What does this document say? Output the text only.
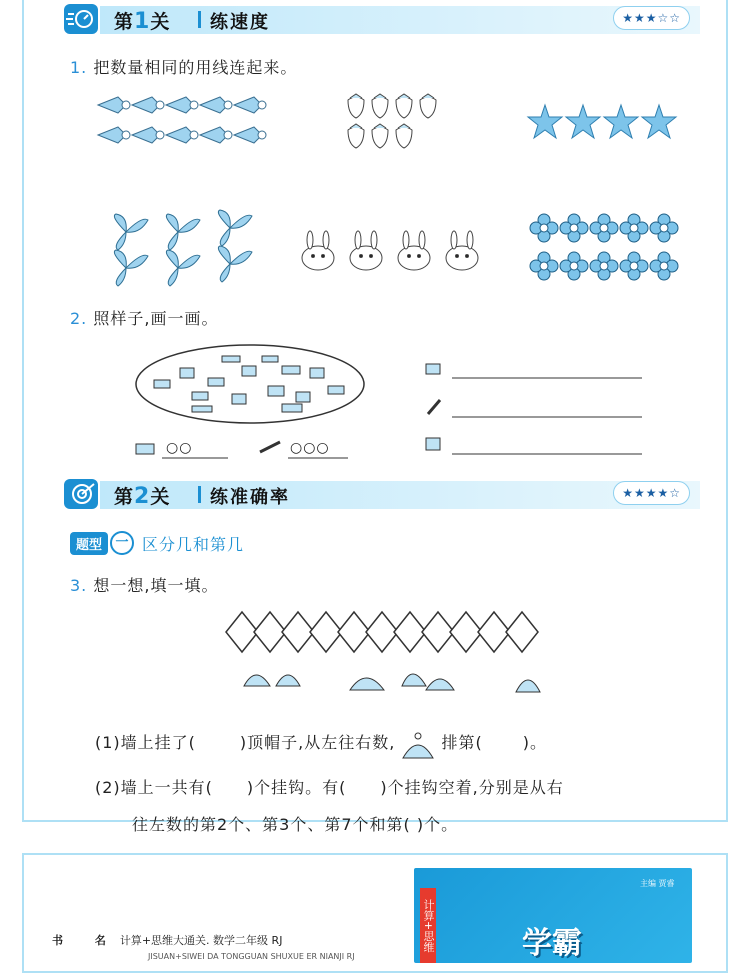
第1关 练速度	★★★☆☆
1. 把数量相同的用线连起来。
2. 照样子,画一画。
○○	○○○
第2关 练准确率	★★★★☆
题型 一 区分几和第几
3. 想一想,填一填。
(1)墙上挂了(	)顶帽子,从左往右数,	排第(	)。
(2)墙上一共有( )个挂钩。有( )个挂钩空着,分别是从右
往左数的第2个、第3个、第7个和第( )个。
书 名计算+思维大通关. 数学二年级 RJ
JISUAN+SIWEI DA TONGGUAN SHUXUE ER NIANJI RJ
计算+思维
主编 贾睿
学霸
